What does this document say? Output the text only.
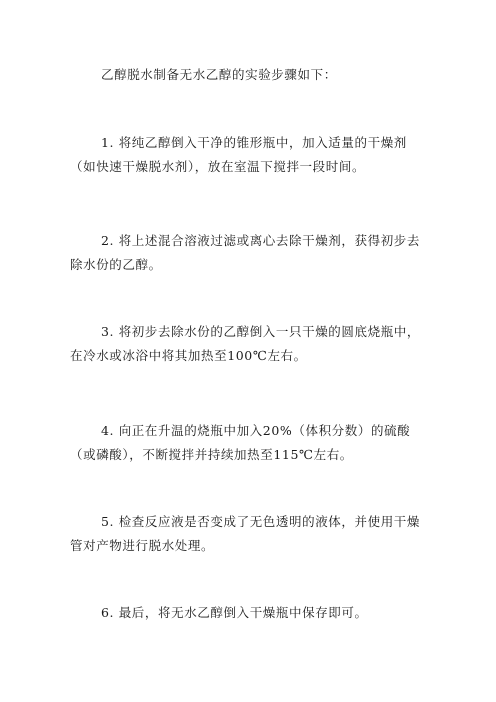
乙醇脱水制备无水乙醇的实验步骤如下：

1. 将纯乙醇倒入干净的锥形瓶中，加入适量的干燥剂（如快速干燥脱水剂），放在室温下搅拌一段时间。

2. 将上述混合溶液过滤或离心去除干燥剂，获得初步去除水份的乙醇。

3. 将初步去除水份的乙醇倒入一只干燥的圆底烧瓶中，在冷水或冰浴中将其加热至100℃左右。

4. 向正在升温的烧瓶中加入20%（体积分数）的硫酸（或磷酸），不断搅拌并持续加热至115℃左右。

5. 检查反应液是否变成了无色透明的液体，并使用干燥管对产物进行脱水处理。

6. 最后，将无水乙醇倒入干燥瓶中保存即可。
